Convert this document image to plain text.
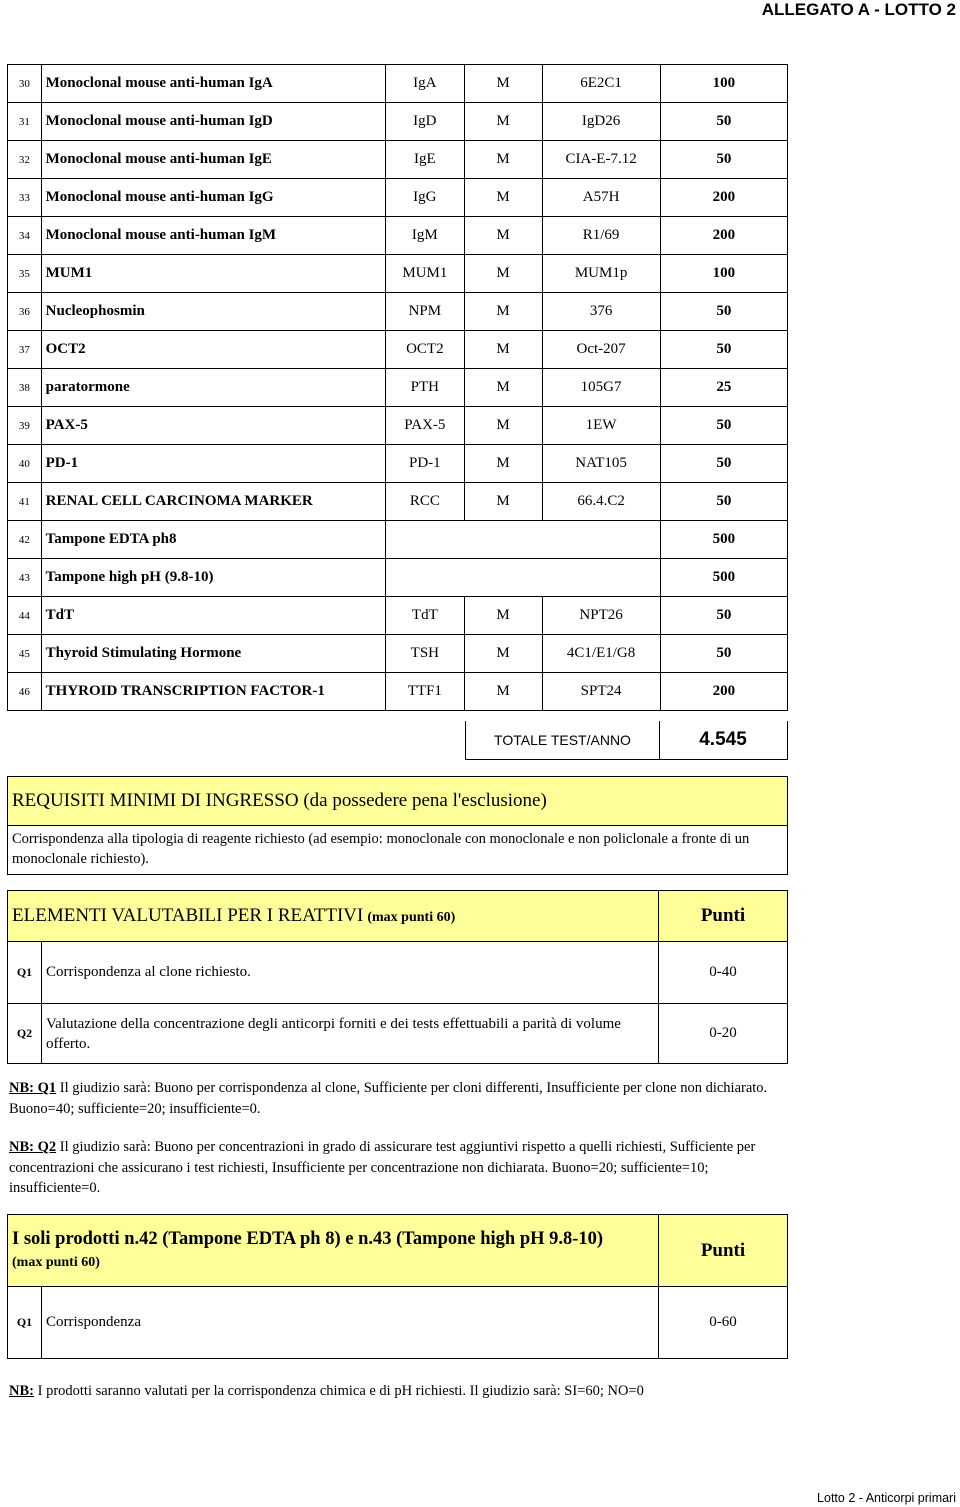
ALLEGATO A - LOTTO 2
30	Monoclonal mouse anti-human IgA	IgA	M	6E2C1	100
31	Monoclonal mouse anti-human IgD	IgD	M	IgD26	50
32	Monoclonal mouse anti-human IgE	IgE	M	CIA-E-7.12	50
33	Monoclonal mouse anti-human IgG	IgG	M	A57H	200
34	Monoclonal mouse anti-human IgM	IgM	M	R1/69	200
35	MUM1	MUM1	M	MUM1p	100
36	Nucleophosmin	NPM	M	376	50
37	OCT2	OCT2	M	Oct-207	50
38	paratormone	PTH	M	105G7	25
39	PAX-5	PAX-5	M	1EW	50
40	PD-1	PD-1	M	NAT105	50
41	RENAL CELL CARCINOMA MARKER	RCC	M	66.4.C2	50
42	Tampone EDTA ph8				500
43	Tampone high pH (9.8-10)				500
44	TdT	TdT	M	NPT26	50
45	Thyroid Stimulating Hormone	TSH	M	4C1/E1/G8	50
46	THYROID TRANSCRIPTION FACTOR-1	TTF1	M	SPT24	200
TOTALE TEST/ANNO	4.545
REQUISITI MINIMI DI INGRESSO (da possedere pena l'esclusione)
Corrispondenza alla tipologia di reagente richiesto (ad esempio: monoclonale con monoclonale e non policlonale a fronte di un monoclonale richiesto).
ELEMENTI VALUTABILI PER I REATTIVI (max punti 60)		Punti
Q1	Corrispondenza al clone richiesto.	0-40
Q2	Valutazione della concentrazione degli anticorpi forniti e dei tests effettuabili a parità di volume offerto.	0-20
NB: Q1 Il giudizio sarà: Buono per corrispondenza al clone, Sufficiente per cloni differenti, Insufficiente per clone non dichiarato. Buono=40; sufficiente=20; insufficiente=0.
NB: Q2 Il giudizio sarà: Buono per concentrazioni in grado di assicurare test aggiuntivi rispetto a quelli richiesti, Sufficiente per concentrazioni che assicurano i test richiesti, Insufficiente per concentrazione non dichiarata. Buono=20; sufficiente=10; insufficiente=0.
I soli prodotti n.42 (Tampone EDTA ph 8) e n.43 (Tampone high pH 9.8-10)
(max punti 60)		Punti
Q1	Corrispondenza	0-60
NB: I prodotti saranno valutati per la corrispondenza chimica e di pH richiesti. Il giudizio sarà: SI=60; NO=0
Lotto 2 - Anticorpi primari
